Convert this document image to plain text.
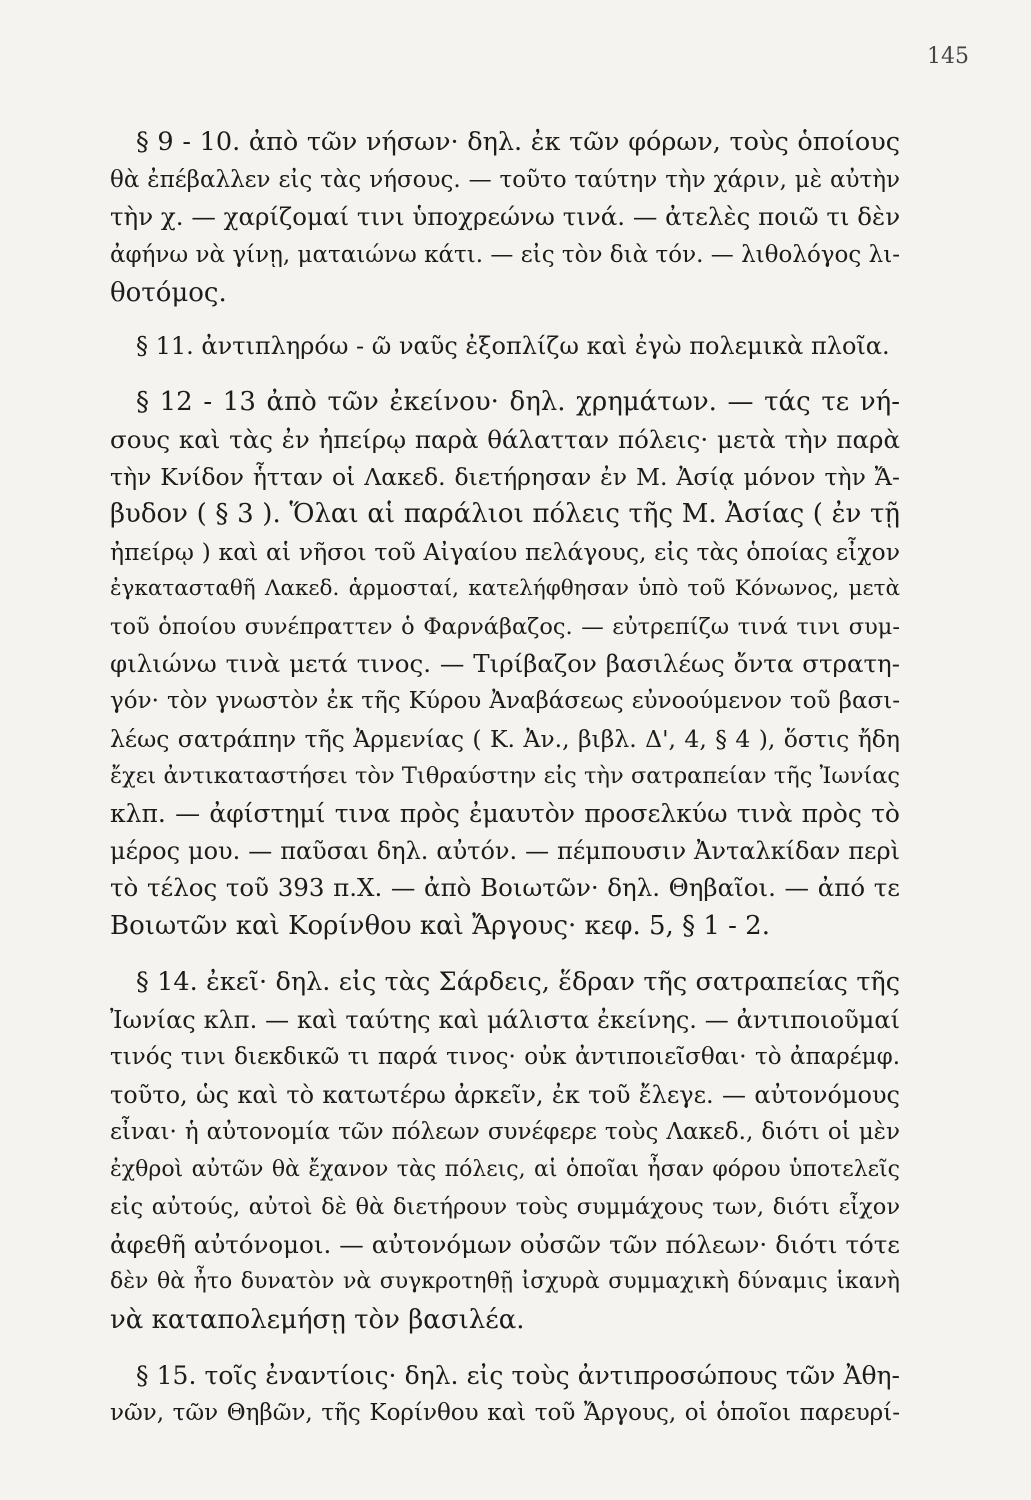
145
§ 9 - 10. ἀπὸ τῶν νήσων· δηλ. ἐκ τῶν φόρων, τοὺς ὁποίους
θὰ ἐπέβαλλεν εἰς τὰς νήσους. — τοῦτο ταύτην τὴν χάριν, μὲ αὐτὴν
τὴν χ. — χαρίζομαί τινι ὑποχρεώνω τινά. — ἀτελὲς ποιῶ τι δὲν
ἀφήνω νὰ γίνῃ, ματαιώνω κάτι. — εἰς τὸν διὰ τόν. — λιθολόγος λι-
θοτόμος.
§ 11. ἀντιπληρόω - ῶ ναῦς ἐξοπλίζω καὶ ἐγὼ πολεμικὰ πλοῖα.
§ 12 - 13 ἀπὸ τῶν ἐκείνου· δηλ. χρημάτων. — τάς τε νή-
σους καὶ τὰς ἐν ἠπείρῳ παρὰ θάλατταν πόλεις· μετὰ τὴν παρὰ
τὴν Κνίδον ἧτταν οἱ Λακεδ. διετήρησαν ἐν Μ. Ἀσίᾳ μόνον τὴν Ἄ-
βυδον ( § 3 ). Ὅλαι αἱ παράλιοι πόλεις τῆς Μ. Ἀσίας ( ἐν τῇ
ἠπείρῳ ) καὶ αἱ νῆσοι τοῦ Αἰγαίου πελάγους, εἰς τὰς ὁποίας εἶχον
ἐγκατασταθῆ Λακεδ. ἁρμοσταί, κατελήφθησαν ὑπὸ τοῦ Κόνωνος, μετὰ
τοῦ ὁποίου συνέπραττεν ὁ Φαρνάβαζος. — εὐτρεπίζω τινά τινι συμ-
φιλιώνω τινὰ μετά τινος. — Τιρίβαζον βασιλέως ὄντα στρατη-
γόν· τὸν γνωστὸν ἐκ τῆς Κύρου Ἀναβάσεως εὐνοούμενον τοῦ βασι-
λέως σατράπην τῆς Ἀρμενίας ( Κ. Ἀν., βιβλ. Δ', 4, § 4 ), ὅστις ἤδη
ἔχει ἀντικαταστήσει τὸν Τιθραύστην εἰς τὴν σατραπείαν τῆς Ἰωνίας
κλπ. — ἀφίστημί τινα πρὸς ἐμαυτὸν προσελκύω τινὰ πρὸς τὸ
μέρος μου. — παῦσαι δηλ. αὐτόν. — πέμπουσιν Ἀνταλκίδαν περὶ
τὸ τέλος τοῦ 393 π.Χ. — ἀπὸ Βοιωτῶν· δηλ. Θηβαῖοι. — ἀπό τε
Βοιωτῶν καὶ Κορίνθου καὶ Ἄργους· κεφ. 5, § 1 - 2.
§ 14. ἐκεῖ· δηλ. εἰς τὰς Σάρδεις, ἕδραν τῆς σατραπείας τῆς
Ἰωνίας κλπ. — καὶ ταύτης καὶ μάλιστα ἐκείνης. — ἀντιποιοῦμαί
τινός τινι διεκδικῶ τι παρά τινος· οὐκ ἀντιποιεῖσθαι· τὸ ἀπαρέμφ.
τοῦτο, ὡς καὶ τὸ κατωτέρω ἀρκεῖν, ἐκ τοῦ ἔλεγε. — αὐτονόμους
εἶναι· ἡ αὐτονομία τῶν πόλεων συνέφερε τοὺς Λακεδ., διότι οἱ μὲν
ἐχθροὶ αὐτῶν θὰ ἔχανον τὰς πόλεις, αἱ ὁποῖαι ἦσαν φόρου ὑποτελεῖς
εἰς αὐτούς, αὐτοὶ δὲ θὰ διετήρουν τοὺς συμμάχους των, διότι εἶχον
ἀφεθῆ αὐτόνομοι. — αὐτονόμων οὐσῶν τῶν πόλεων· διότι τότε
δὲν θὰ ἦτο δυνατὸν νὰ συγκροτηθῇ ἰσχυρὰ συμμαχικὴ δύναμις ἱκανὴ
νὰ καταπολεμήσῃ τὸν βασιλέα.
§ 15. τοῖς ἐναντίοις· δηλ. εἰς τοὺς ἀντιπροσώπους τῶν Ἀθη-
νῶν, τῶν Θηβῶν, τῆς Κορίνθου καὶ τοῦ Ἄργους, οἱ ὁποῖοι παρευρί-
